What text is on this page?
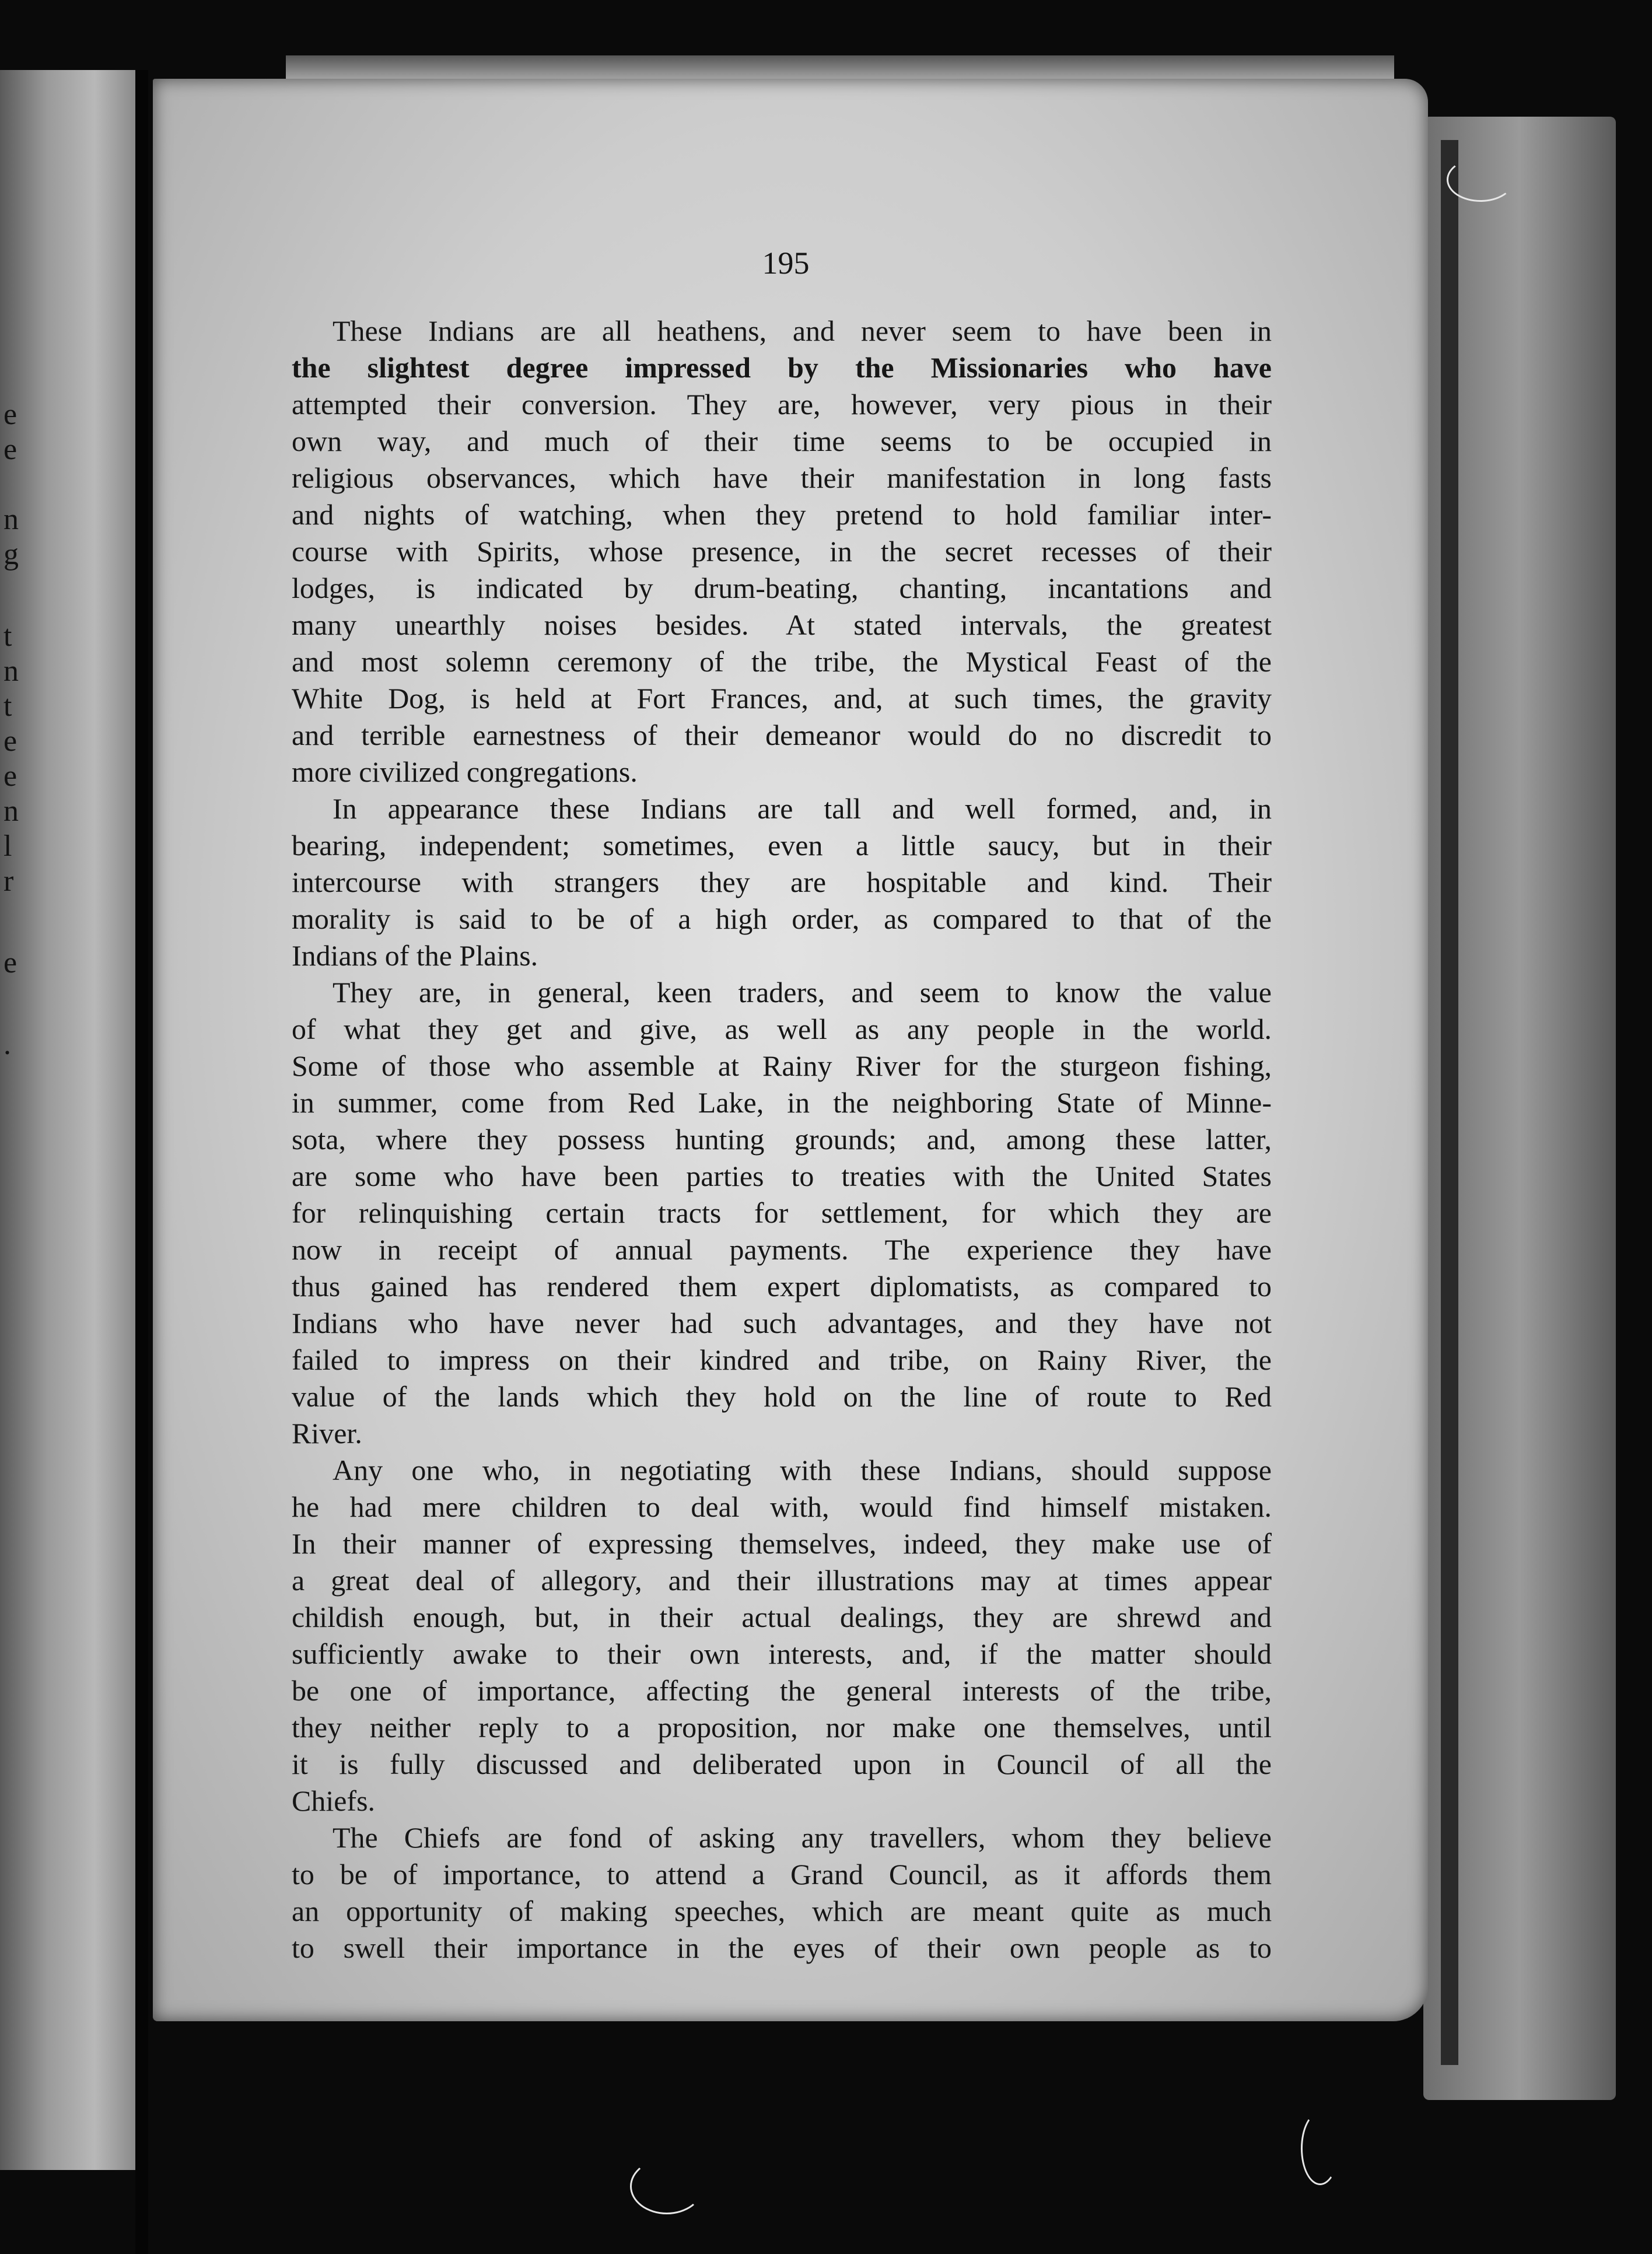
e
e
n
g
t
n
t
e
e
n
l
r
e
.
195
These Indians are all heathens, and never seem to have been in
the slightest degree impressed by the Missionaries who have
attempted their conversion. They are, however, very pious in their
own way, and much of their time seems to be occupied in
religious observances, which have their manifestation in long fasts
and nights of watching, when they pretend to hold familiar inter-
course with Spirits, whose presence, in the secret recesses of their
lodges, is indicated by drum-beating, chanting, incantations and
many unearthly noises besides. At stated intervals, the greatest
and most solemn ceremony of the tribe, the Mystical Feast of the
White Dog, is held at Fort Frances, and, at such times, the gravity
and terrible earnestness of their demeanor would do no discredit to
more civilized congregations.
In appearance these Indians are tall and well formed, and, in
bearing, independent; sometimes, even a little saucy, but in their
intercourse with strangers they are hospitable and kind. Their
morality is said to be of a high order, as compared to that of the
Indians of the Plains.
They are, in general, keen traders, and seem to know the value
of what they get and give, as well as any people in the world.
Some of those who assemble at Rainy River for the sturgeon fishing,
in summer, come from Red Lake, in the neighboring State of Minne-
sota, where they possess hunting grounds; and, among these latter,
are some who have been parties to treaties with the United States
for relinquishing certain tracts for settlement, for which they are
now in receipt of annual payments. The experience they have
thus gained has rendered them expert diplomatists, as compared to
Indians who have never had such advantages, and they have not
failed to impress on their kindred and tribe, on Rainy River, the
value of the lands which they hold on the line of route to Red
River.
Any one who, in negotiating with these Indians, should suppose
he had mere children to deal with, would find himself mistaken.
In their manner of expressing themselves, indeed, they make use of
a great deal of allegory, and their illustrations may at times appear
childish enough, but, in their actual dealings, they are shrewd and
sufficiently awake to their own interests, and, if the matter should
be one of importance, affecting the general interests of the tribe,
they neither reply to a proposition, nor make one themselves, until
it is fully discussed and deliberated upon in Council of all the
Chiefs.
The Chiefs are fond of asking any travellers, whom they believe
to be of importance, to attend a Grand Council, as it affords them
an opportunity of making speeches, which are meant quite as much
to swell their importance in the eyes of their own people as to
